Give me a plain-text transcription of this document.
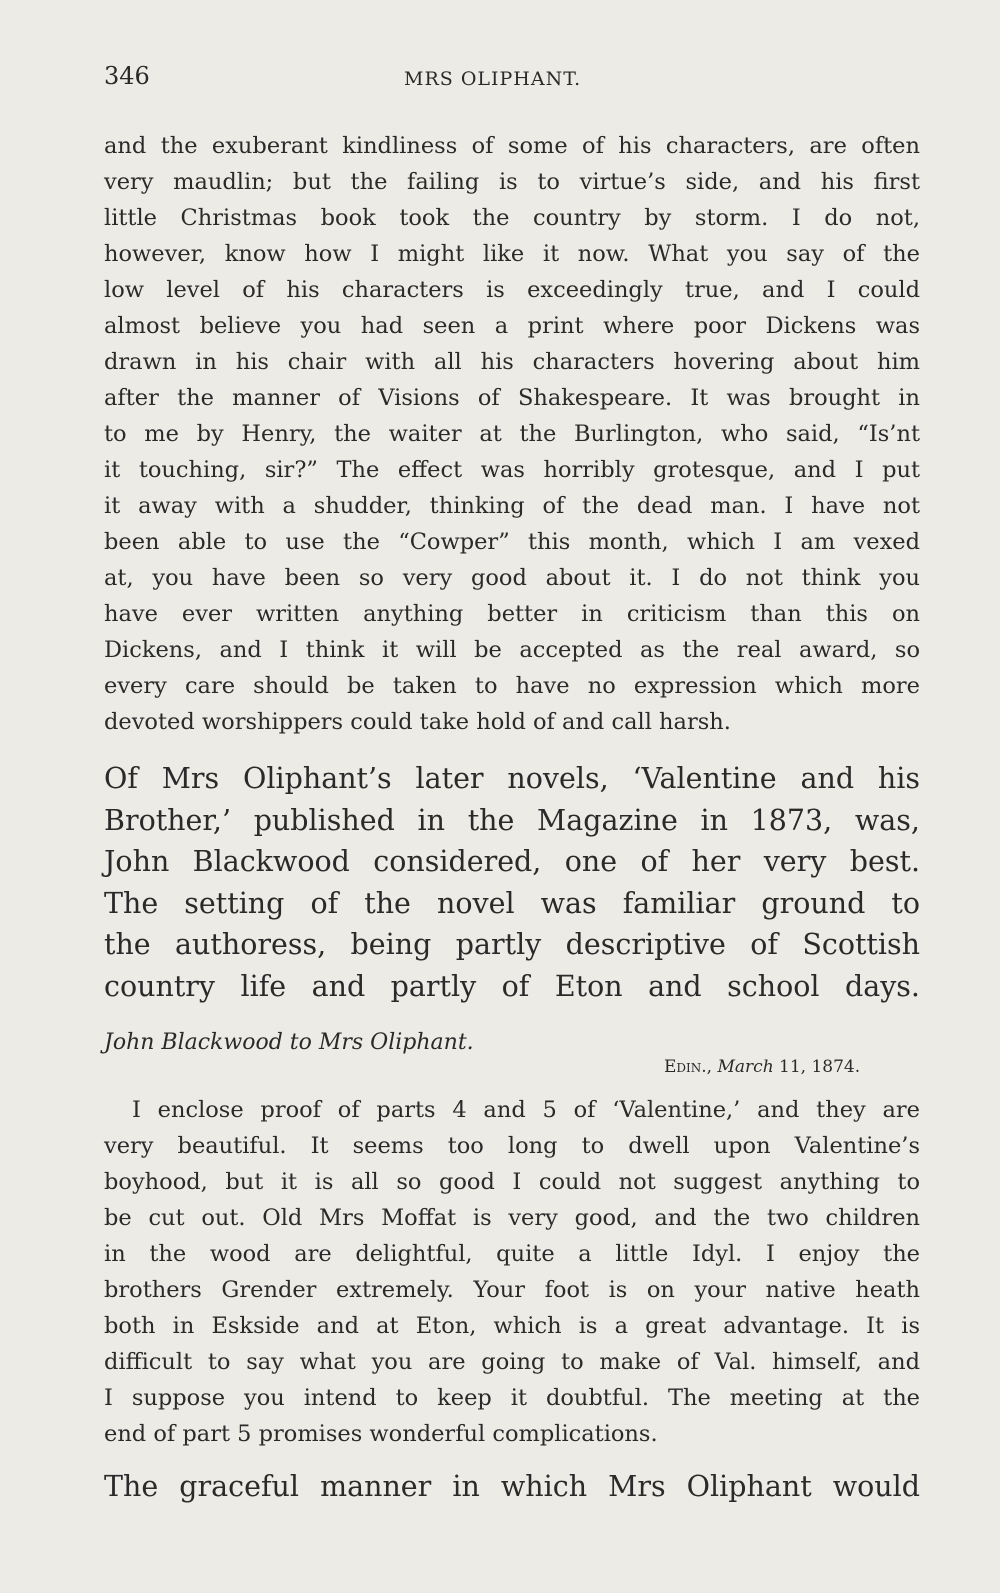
346	MRS OLIPHANT.
and the exuberant kindliness of some of his characters, are often
very maudlin; but the failing is to virtue’s side, and his first
little Christmas book took the country by storm. I do not,
however, know how I might like it now. What you say of the
low level of his characters is exceedingly true, and I could
almost believe you had seen a print where poor Dickens was
drawn in his chair with all his characters hovering about him
after the manner of Visions of Shakespeare. It was brought in
to me by Henry, the waiter at the Burlington, who said, “Is’nt
it touching, sir?” The effect was horribly grotesque, and I put
it away with a shudder, thinking of the dead man. I have not
been able to use the “Cowper” this month, which I am vexed
at, you have been so very good about it. I do not think you
have ever written anything better in criticism than this on
Dickens, and I think it will be accepted as the real award, so
every care should be taken to have no expression which more
devoted worshippers could take hold of and call harsh.
Of Mrs Oliphant’s later novels, ‘Valentine and his
Brother,’ published in the Magazine in 1873, was,
John Blackwood considered, one of her very best.
The setting of the novel was familiar ground to
the authoress, being partly descriptive of Scottish
country life and partly of Eton and school days.
John Blackwood to Mrs Oliphant.
Edin., March 11, 1874.
I enclose proof of parts 4 and 5 of ‘Valentine,’ and they are
very beautiful. It seems too long to dwell upon Valentine’s
boyhood, but it is all so good I could not suggest anything to
be cut out. Old Mrs Moffat is very good, and the two children
in the wood are delightful, quite a little Idyl. I enjoy the
brothers Grender extremely. Your foot is on your native heath
both in Eskside and at Eton, which is a great advantage. It is
difficult to say what you are going to make of Val. himself, and
I suppose you intend to keep it doubtful. The meeting at the
end of part 5 promises wonderful complications.
The graceful manner in which Mrs Oliphant would
